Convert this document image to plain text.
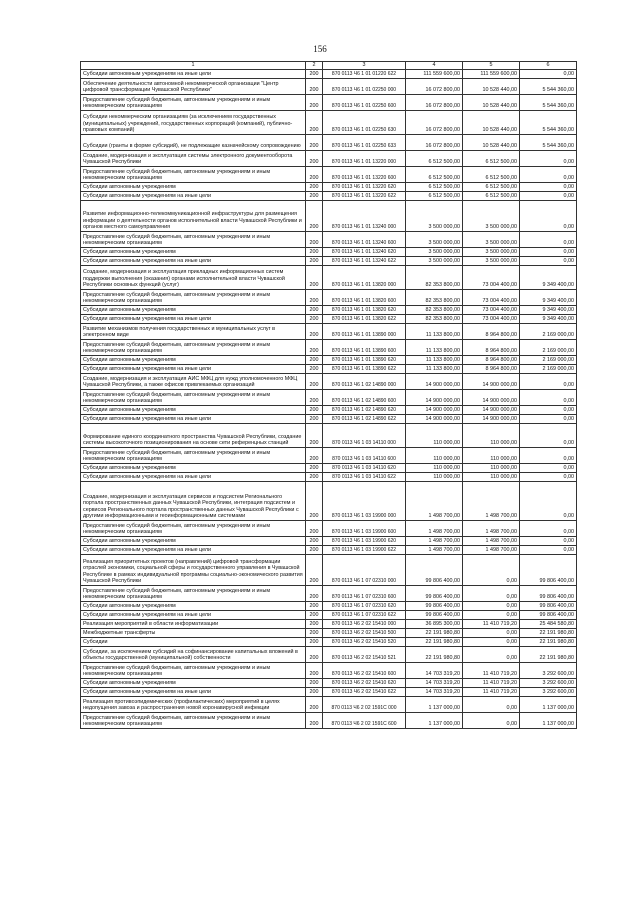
156
1	2	3	4	5	6
Субсидии автономным учреждениям на иные цели	200	870 0113 Ч6 1 01 01220 622	111 559 600,00	111 559 600,00	0,00
Обеспечение деятельности автономной некоммерческой организации "Центр цифровой трансформации Чувашской Республики"	200	870 0113 Ч6 1 01 02250 000	16 072 800,00	10 528 440,00	5 544 360,00
Предоставление субсидий бюджетным, автономным учреждениям и иным некоммерческим организациям	200	870 0113 Ч6 1 01 02250 600	16 072 800,00	10 528 440,00	5 544 360,00
Субсидии некоммерческим организациям (за исключением государственных (муниципальных) учреждений, государственных корпораций (компаний), публично-правовых компаний)	200	870 0113 Ч6 1 01 02250 630	16 072 800,00	10 528 440,00	5 544 360,00
Субсидии (гранты в форме субсидий), не подлежащие казначейскому сопровождению	200	870 0113 Ч6 1 01 02250 633	16 072 800,00	10 528 440,00	5 544 360,00
Создание, модернизация и эксплуатация системы электронного документооборота Чувашской Республики	200	870 0113 Ч6 1 01 13220 000	6 512 500,00	6 512 500,00	0,00
Предоставление субсидий бюджетным, автономным учреждениям и иным некоммерческим организациям	200	870 0113 Ч6 1 01 13220 600	6 512 500,00	6 512 500,00	0,00
Субсидии автономным учреждениям	200	870 0113 Ч6 1 01 13220 620	6 512 500,00	6 512 500,00	0,00
Субсидии автономным учреждениям на иные цели	200	870 0113 Ч6 1 01 13220 622	6 512 500,00	6 512 500,00	0,00
Развитие информационно-телекоммуникационной инфраструктуры для размещения информации о деятельности органов исполнительной власти Чувашской Республики и органов местного самоуправления	200	870 0113 Ч6 1 01 13240 000	3 500 000,00	3 500 000,00	0,00
Предоставление субсидий бюджетным, автономным учреждениям и иным некоммерческим организациям	200	870 0113 Ч6 1 01 13240 600	3 500 000,00	3 500 000,00	0,00
Субсидии автономным учреждениям	200	870 0113 Ч6 1 01 13240 620	3 500 000,00	3 500 000,00	0,00
Субсидии автономным учреждениям на иные цели	200	870 0113 Ч6 1 01 13240 622	3 500 000,00	3 500 000,00	0,00
Создание, модернизация и эксплуатация прикладных информационных систем поддержки выполнения (оказания) органами исполнительной власти Чувашской Республики основных функций (услуг)	200	870 0113 Ч6 1 01 13820 000	82 353 800,00	73 004 400,00	9 349 400,00
Предоставление субсидий бюджетным, автономным учреждениям и иным некоммерческим организациям	200	870 0113 Ч6 1 01 13820 600	82 353 800,00	73 004 400,00	9 349 400,00
Субсидии автономным учреждениям	200	870 0113 Ч6 1 01 13820 620	82 353 800,00	73 004 400,00	9 349 400,00
Субсидии автономным учреждениям на иные цели	200	870 0113 Ч6 1 01 13820 622	82 353 800,00	73 004 400,00	9 349 400,00
Развитие механизмов получения государственных и муниципальных услуг в электронном виде	200	870 0113 Ч6 1 01 13890 000	11 133 800,00	8 964 800,00	2 169 000,00
Предоставление субсидий бюджетным, автономным учреждениям и иным некоммерческим организациям	200	870 0113 Ч6 1 01 13890 600	11 133 800,00	8 964 800,00	2 169 000,00
Субсидии автономным учреждениям	200	870 0113 Ч6 1 01 13890 620	11 133 800,00	8 964 800,00	2 169 000,00
Субсидии автономным учреждениям на иные цели	200	870 0113 Ч6 1 01 13890 622	11 133 800,00	8 964 800,00	2 169 000,00
Создание, модернизация и эксплуатация АИС МФЦ для нужд уполномоченного МФЦ Чувашской Республики, а также офисов привлекаемых организаций	200	870 0113 Ч6 1 02 14890 000	14 900 000,00	14 900 000,00	0,00
Предоставление субсидий бюджетным, автономным учреждениям и иным некоммерческим организациям	200	870 0113 Ч6 1 02 14890 600	14 900 000,00	14 900 000,00	0,00
Субсидии автономным учреждениям	200	870 0113 Ч6 1 02 14890 620	14 900 000,00	14 900 000,00	0,00
Субсидии автономным учреждениям на иные цели	200	870 0113 Ч6 1 02 14890 622	14 900 000,00	14 900 000,00	0,00
Формирование единого координатного пространства Чувашской Республики, создание системы высокоточного позиционирования на основе сети референцных станций	200	870 0113 Ч6 1 03 14110 000	110 000,00	110 000,00	0,00
Предоставление субсидий бюджетным, автономным учреждениям и иным некоммерческим организациям	200	870 0113 Ч6 1 03 14110 600	110 000,00	110 000,00	0,00
Субсидии автономным учреждениям	200	870 0113 Ч6 1 03 14110 620	110 000,00	110 000,00	0,00
Субсидии автономным учреждениям на иные цели	200	870 0113 Ч6 1 03 14110 622	110 000,00	110 000,00	0,00
Создание, модернизация и эксплуатация сервисов и подсистем Регионального портала пространственных данных Чувашской Республики, интеграция подсистем и сервисов Регионального портала пространственных данных Чувашской Республики с другими информационными и геоинформационными системами	200	870 0113 Ч6 1 03 19900 000	1 498 700,00	1 498 700,00	0,00
Предоставление субсидий бюджетным, автономным учреждениям и иным некоммерческим организациям	200	870 0113 Ч6 1 03 19900 600	1 498 700,00	1 498 700,00	0,00
Субсидии автономным учреждениям	200	870 0113 Ч6 1 03 19900 620	1 498 700,00	1 498 700,00	0,00
Субсидии автономным учреждениям на иные цели	200	870 0113 Ч6 1 03 19900 622	1 498 700,00	1 498 700,00	0,00
Реализация приоритетных проектов (направлений) цифровой трансформации отраслей экономики, социальной сферы и государственного управления в Чувашской Республике в рамках индивидуальной программы социально-экономического развития Чувашской Республики	200	870 0113 Ч6 1 07 02310 000	99 806 400,00	0,00	99 806 400,00
Предоставление субсидий бюджетным, автономным учреждениям и иным некоммерческим организациям	200	870 0113 Ч6 1 07 02310 600	99 806 400,00	0,00	99 806 400,00
Субсидии автономным учреждениям	200	870 0113 Ч6 1 07 02310 620	99 806 400,00	0,00	99 806 400,00
Субсидии автономным учреждениям на иные цели	200	870 0113 Ч6 1 07 02310 622	99 806 400,00	0,00	99 806 400,00
Реализация мероприятий в области информатизации	200	870 0113 Ч6 2 02 15410 000	36 895 300,00	11 410 719,20	25 484 580,80
Межбюджетные трансферты	200	870 0113 Ч6 2 02 15410 500	22 191 980,80	0,00	22 191 980,80
Субсидии	200	870 0113 Ч6 2 02 15410 520	22 191 980,80	0,00	22 191 980,80
Субсидии, за исключением субсидий на софинансирование капитальных вложений в объекты государственной (муниципальной) собственности	200	870 0113 Ч6 2 02 15410 521	22 191 980,80	0,00	22 191 980,80
Предоставление субсидий бюджетным, автономным учреждениям и иным некоммерческим организациям	200	870 0113 Ч6 2 02 15410 600	14 703 319,20	11 410 719,20	3 292 600,00
Субсидии автономным учреждениям	200	870 0113 Ч6 2 02 15410 620	14 703 319,20	11 410 719,20	3 292 600,00
Субсидии автономным учреждениям на иные цели	200	870 0113 Ч6 2 02 15410 622	14 703 319,20	11 410 719,20	3 292 600,00
Реализация противоэпидемических (профилактических) мероприятий в целях недопущения завоза и распространения новой коронавирусной инфекции	200	870 0113 Ч6 2 02 1591C 000	1 137 000,00	0,00	1 137 000,00
Предоставление субсидий бюджетным, автономным учреждениям и иным некоммерческим организациям	200	870 0113 Ч6 2 02 1591C 600	1 137 000,00	0,00	1 137 000,00
